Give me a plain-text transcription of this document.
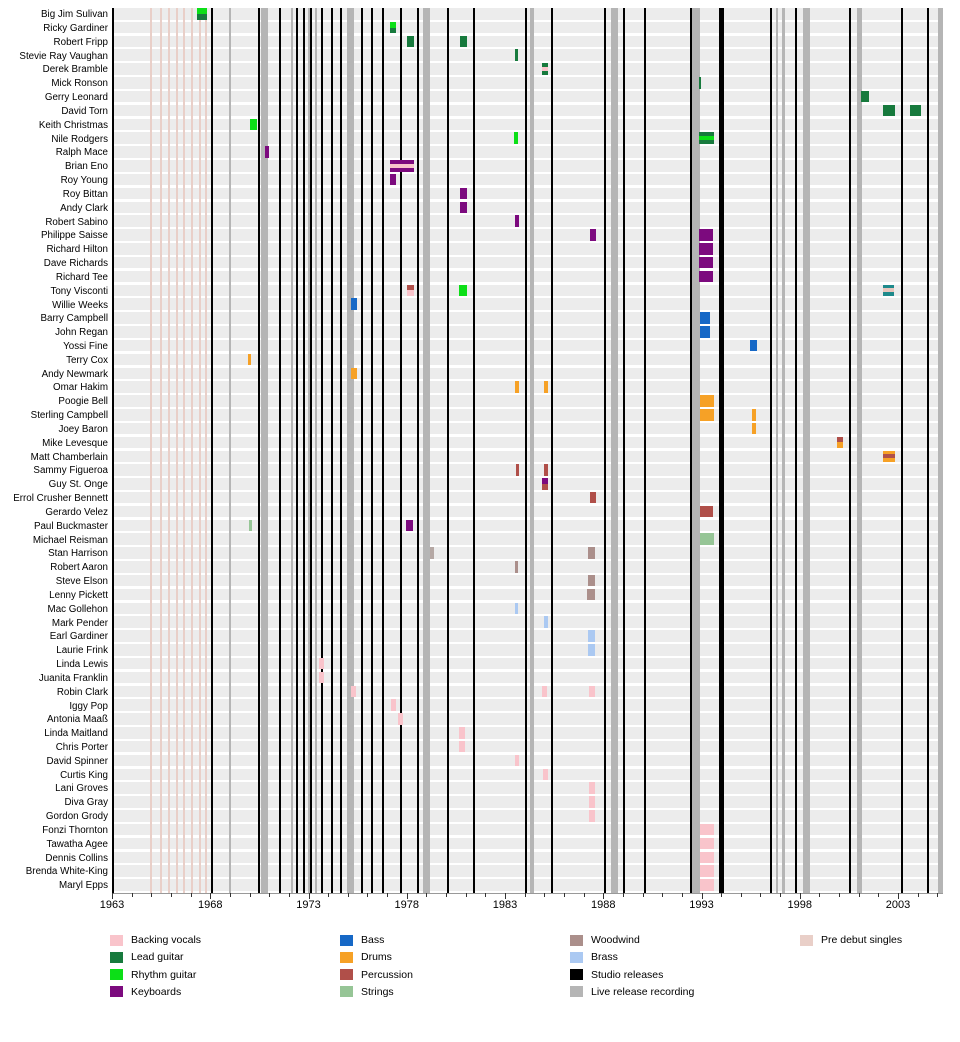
Big Jim Sulivan
Ricky Gardiner
Robert Fripp
Stevie Ray Vaughan
Derek Bramble
Mick Ronson
Gerry Leonard
David Torn
Keith Christmas
Nile Rodgers
Ralph Mace
Brian Eno
Roy Young
Roy Bittan
Andy Clark
Robert Sabino
Philippe Saisse
Richard Hilton
Dave Richards
Richard Tee
Tony Visconti
Willie Weeks
Barry Campbell
John Regan
Yossi Fine
Terry Cox
Andy Newmark
Omar Hakim
Poogie Bell
Sterling Campbell
Joey Baron
Mike Levesque
Matt Chamberlain
Sammy Figueroa
Guy St. Onge
Errol Crusher Bennett
Gerardo Velez
Paul Buckmaster
Michael Reisman
Stan Harrison
Robert Aaron
Steve Elson
Lenny Pickett
Mac Gollehon
Mark Pender
Earl Gardiner
Laurie Frink
Linda Lewis
Juanita Franklin
Robin Clark
Iggy Pop
Antonia Maaß
Linda Maitland
Chris Porter
David Spinner
Curtis King
Lani Groves
Diva Gray
Gordon Grody
Fonzi Thornton
Tawatha Agee
Dennis Collins
Brenda White-King
Maryl Epps
1963	1968	1973	1978	1983	1988	1993	1998	2003
Backing vocals
Lead guitar
Rhythm guitar
Keyboards
Bass
Drums
Percussion
Strings
Woodwind
Brass
Studio releases
Live release recording
Pre debut singles
